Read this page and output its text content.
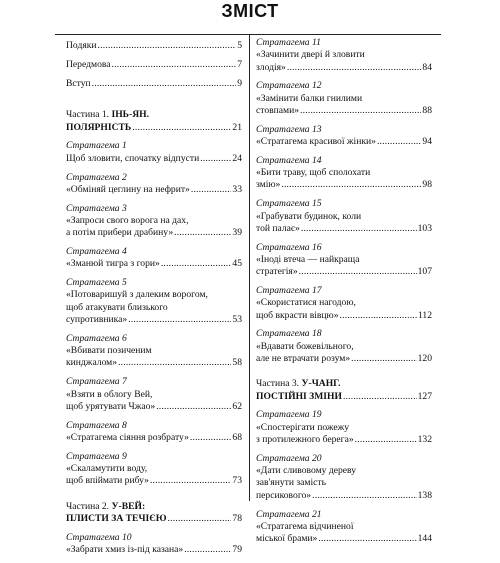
ЗМІСТ
Подяки .....	5
Передмова .....	7
Вступ .....	9
Частина 1. ІНЬ-ЯН.
ПОЛЯРНІСТЬ .....	21
Стратагема 1
Щоб зловити, спочатку відпусти .....	24
Стратагема 2
«Обміняй цеглину на нефрит» .....	33
Стратагема 3
«Запроси свого ворога на дах,
а потім прибери драбину» .....	39
Стратагема 4
«Зманюй тигра з гори» .....	45
Стратагема 5
«Потоваришуй з далеким ворогом,
щоб атакувати близького
супротивника» .....	53
Стратагема 6
«Вбивати позиченим
кинджалом» .....	58
Стратагема 7
«Взяти в облогу Вей,
щоб урятувати Чжао» .....	62
Стратагема 8
«Стратагема сіяння розбрату» .....	68
Стратагема 9
«Скаламутити воду,
щоб впіймати рибу» .....	73
Частина 2. У-ВЕЙ:
ПЛИСТИ ЗА ТЕЧІЄЮ .....	78
Стратагема 10
«Забрати хмиз із-під казана» .....	79
Стратагема 11
«Зачинити двері й зловити
злодія» .....	84
Стратагема 12
«Замінити балки гнилими
стовпами» .....	88
Стратагема 13
«Стратагема красивої жінки» .....	94
Стратагема 14
«Бити траву, щоб сполохати
змію» .....	98
Стратагема 15
«Грабувати будинок, коли
той палає» .....	103
Стратагема 16
«Іноді втеча — найкраща
стратегія» .....	107
Стратагема 17
«Скористатися нагодою,
щоб вкрасти вівцю» .....	112
Стратагема 18
«Вдавати божевільного,
але не втрачати розум» .....	120
Частина 3. У-ЧАНГ.
ПОСТІЙНІ ЗМІНИ .....	127
Стратагема 19
«Спостерігати пожежу
з протилежного берега» .....	132
Стратагема 20
«Дати сливовому дереву
зав'янути замість
персикового» .....	138
Стратагема 21
«Стратагема відчиненої
міської брами» .....	144
